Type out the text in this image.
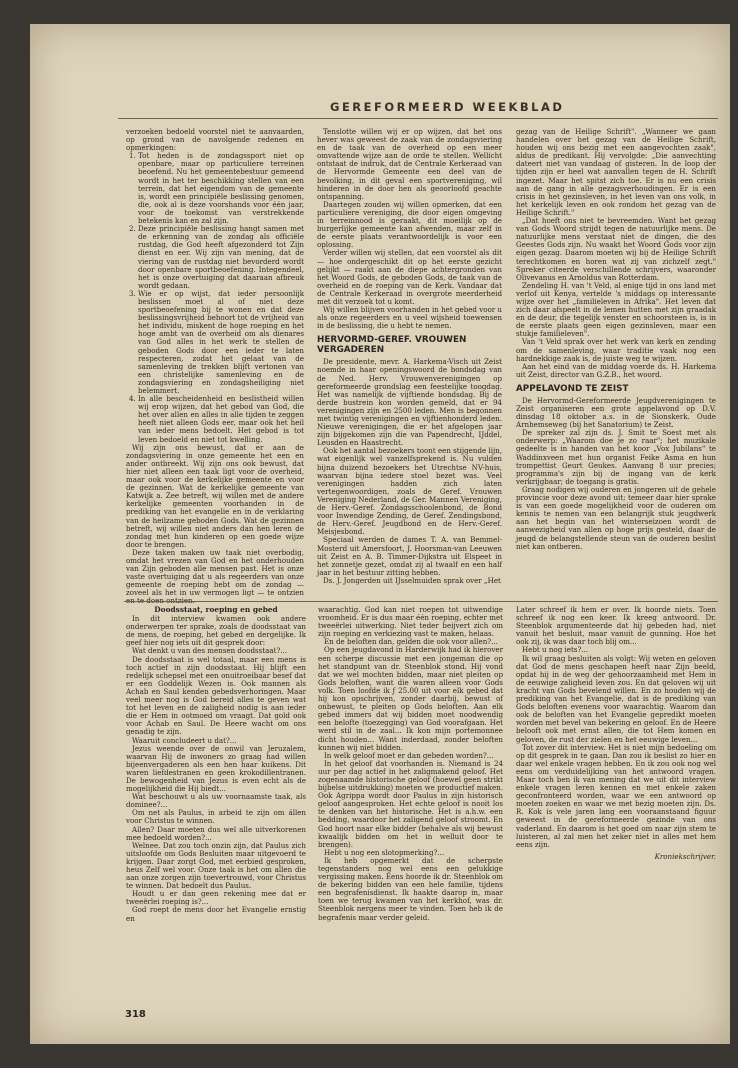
GEREFORMEERD WEEKBLAD

verzoeken bedoeld voorstel niet te aanvaarden, op grond van de navolgende redenen en opmerkingen:

1. Tot heden is de zondagssport niet op openbare, maar op particuliere terreinen beoefend. Nu het gemeentebestuur gemeend wordt in het ter beschikking stellen van een terrein, dat het eigendom van de gemeente is, wordt een principiële beslissing genomen, die, ook al is deze voorshands voor één jaar, voor de toekomst van verstrekkende betekenis kan en zal zijn.
2. Deze principiële beslissing hangt samen met de erkenning van de zondag als officiële rustdag, die God heeft afgezonderd tot Zijn dienst en eer. Wij zijn van mening, dat de viering van de rustdag niet bevorderd wordt door openbare sportbeoefening. Integendeel, het is onze overtuiging dat daaraan afbreuk wordt gedaan.
3. Wie er op wijst, dat ieder persoonlijk beslissen moet al of niet deze sportbeoefening bij te wonen en dat deze beslissingsvrijheid behoort tot de vrijheid van het individu, miskent de hoge roeping en het hoge ambt van de overheid om als dienares van God alles in het werk te stellen de geboden Gods door een ieder te laten respecteren, zodat het gelaat van de samenleving de trekken blijft vertonen van een christelijke samenleving en de zondagsviering en zondagsheiliging niet belemmert.
4. In alle bescheidenheid en beslistheid willen wij erop wijzen, dat het gebod van God, die het over allen en alles in alle tijden te zeggen heeft niet alleen Gods eer, maar ook het heil van ieder mens bedoelt. Het gebod is tot leven bedoeld en niet tot kwelling.

Wij zijn ons bewust, dat er aan de zondagsviering in onze gemeente het een en ander ontbreekt. Wij zijn ons ook bewust, dat hier niet alleen een taak ligt voor de overheid, maar ook voor de kerkelijke gemeente en voor de gezinnen. Wat de kerkelijke gemeente van Katwijk a. Zee betreft, wij willen met de andere kerkelijke gemeenten voorhanden in de prediking van het evangelie en in de verklaring van de heilzame geboden Gods. Wat de gezinnen betreft, wij willen niet anders dan hen leren de zondag met hun kinderen op een goede wijze door te brengen.

Deze taken maken uw taak niet overbodig, omdat het vrezen van God en het onderhouden van Zijn geboden alle mensen past. Het is onze vaste overtuiging dat u als regeerders van onze gemeente de roeping hebt om de zondag — zoveel als het in uw vermogen ligt — te ontzien en te doen ontzien.

Tenslotte willen wij er op wijzen, dat het ons hever was geweest de zaak van de zondagsviering en de taak van de overheid op een meer omvattende wijze aan de orde te stellen. Wellicht ontstaat de indruk, dat de Centrale Kerkeraad van de Hervormde Gemeente een deel van de bevolking, in dit geval een sportvereniging, wil hinderen in de door hen als geoorloofd geachte ontspanning.

Daartegen zouden wij willen opmerken, dat een particuliere vereniging, die door eigen omgeving in terreinnood is geraakt, dit moeilijk op de burgerlijke gemeente kan afwenden, maar zelf in de eerste plaats verantwoordelijk is voor een oplossing.

Verder willen wij stellen, dat een voorstel als dit — hoe ondergeschikt dit op het eerste gezicht gelijkt — raakt aan de diepe achtergronden van het Woord Gods, de geboden Gods, de taak van de overheid en de roeping van de Kerk. Vandaar dat de Centrale Kerkeraad in overgrote meerderheid met dit verzoek tot u komt.

Wij willen blijven voorhanden in het gebed voor u als onze regeerders en u veel wijsheid toewensen in de beslissing, die u hebt te nemen.

HERVORMD-GEREF. VROUWEN VERGADEREN

De presidente, mevr. A. Harkema-Visch uit Zeist noemde in haar openingswoord de bondsdag van de Ned. Herv. Vrouwenverenigingen op gereformeerde grondslag een feestelijke toogdag. Het was namelijk de vijftiende bondsdag. Bij de derde bustrein kon worden gemeld, dat er 94 verenigingen zijn en 2500 leden. Men is begonnen met twintig verenigingen en vijftienhonderd leden. Nieuwe verenigingen, die er het afgelopen jaar zijn bijgekomen zijn die van Papendrecht, IJddel, Leusden en Haastrecht.

Ook het aantal bezoekers toont een stijgende lijn, wat eigenlijk wel vanzelfsprekend is. Nu vulden bijna duizend bezoekers het Utrechtse NV-huis, waarvan bijna iedere stoel bezet was. Veel verenigingen hadden zich laten vertegenwoordigen, zoals de Geref. Vrouwen Vereniging Nederland, de Ger. Mannen Vereniging, de Herv.-Geref. Zondagsschoolenbond, de Bond voor Inwendige Zending, de Geref. Zendingsbond, de Herv.-Geref. Jeugdbond en de Herv.-Geref. Meisjesbond.

Speciaal werden de dames T. A. van Bemmel-Mosterd uit Amersfoort, J. Hoorsman-van Leeuwen uit Zeist en A. B. Timmer-Dijkstra uit Elspeet in het zonnetje gezet, omdat zij al twaalf en een half jaar in het bestuur zitting hebben.

Ds. J. Jongerden uit IJsselmuiden sprak over „Het

gezag van de Heilige Schrift". „Wanneer we gaan handelen over het gezag van de Heilige Schrift, houden wij ons bezig met een aangevochten zaak", aldus de predikant. Hij vervolgde: „Die aanvechting dateert niet van vandaag of gisteren. In de loop der tijden zijn er heel wat aanvallen tegen de H. Schrift ingezet. Maar het spitst zich toe. Er is nu een crisis aan de gang in alle gezagsverhoudingen. Er is een crisis in het gezinsleven, in het leven van ons volk, in het kerkelijk leven en ook rondom het gezag van de Heilige Schrift."

„Dat hoeft ons niet te bevreemden. Want het gezag van Gods Woord strijdt tegen de natuurlijke mens. De natuurlijke mens verstaat niet de dingen, die des Geestes Gods zijn. Nu waakt het Woord Gods voor zijn eigen gezag. Daarom moeten wij bij de Heilige Schrift terechtkomen en horen wat zij van zichzelf zegt." Spreker citeerde verschillende schrijvers, waaronder Olivevanus en Arnoldus van Rotterdam.

Zendeling H. van 't Veld, al enige tijd in ons land met verlof uit Kenya, vertelde 's middags op interessante wijze over het „familieleven in Afrika". Het leven dat zich daar afspeelt in de lemen hutten met zijn graadak en de deur, die tegelijk venster en schoorsteen is, is in de eerste plaats geen eigen gezinsleven, maar een stukje familieleven".

Van 't Veld sprak over het werk van kerk en zending om de samenleving, waar traditie vaak nog een hardnekkige zaak is, de juiste weg te wijzen.

Aan het eind van de middag voerde ds. H. Harkema uit Zeist, director van G.Z.B., het woord.

APPELAVOND TE ZEIST

De Hervormd-Gereformeerde Jeugdverenigingen te Zeist organiseren een grote appelavond op D.V. dinsdag 18 oktober a.s. in de Sionskerk. Oude Arnhemseweg (bij het Sanatorium) te Zeist.

De spreker zal zijn ds. J. Smit te Soest met als onderwerp: „Waarom doe je zo raar"; het muzikale gedeelte is in handen van het koor „Vox Jubilans" te Waddinxveen met hun organist Feike Asma en hun trompettist Geurt Geukes. Aanvang 8 uur precies; programma's zijn bij de ingang van de kerk verkrijgbaar; de toegang is gratis.

Graag nodigen wij ouderen en jongeren uit de gehele provincie voor deze avond uit; temeer daar hier sprake is van een goede mogelijkheid voor de ouderen om kennis te nemen van een belangrijk stuk jeugdwerk aan het begin van het winterseizoen wordt de aanwezigheid van allen op hoge prijs gesteld, daar de jeugd de belangstellende steun van de ouderen beslist niet kan ontberen.

Doodsstaat, roeping en gebed

In dit interview kwamen ook andere onderwerpen ter sprake, zoals de doodsstaat van de mens, de roeping, het gebed en dergelijke. Ik geef hier nog iets uit dit gesprek door:

Wat denkt u van des mensen doodsstaat?...

De doodsstaat is wel totaal, maar een mens is toch actief in zijn doodsstaat. Hij blijft een redelijk schepsel met een onuitroeibaar besef dat er een Goddelijk Wezen is. Ook mannen als Achab en Saul kenden gebedsverhoringen. Maar veel meer nog is God bereid alles te geven wat tot het leven en de zaligheid nodig is aan ieder die er Hem in ootmoed om vraagt. Dat gold ook voor Achab en Saul. De Heere wacht om ons genadig te zijn.

Waaruit concludeert u dat?...

Jezus weende over de onwil van Jeruzalem, waarvan Hij de inwoners zo graag had willen bijeenvergaderen als een hen haar kuikens. Dit waren liefdestranen en geen krokodillentranen. De bewogenheid van Jezus is even echt als de mogelijkheid die Hij biedt...

Wat beschouwt u als uw voornaamste taak, als dominee?...

Om net als Paulus, in arbeid te zijn om állen voor Christus te winnen.

Allen? Daar moeten dus wel alle uitverkorenen mee bedoeld worden?...

Welnee. Dat zou toch onzin zijn, dat Paulus zich uitsloofde om Gods Besluiten maar uitgevoerd te krijgen. Daar zorgt God, met eerbied gesproken, heus Zelf wel voor. Onze taak is het om allen die aan onze zorgen zijn toevertrouwd, voor Christus te winnen. Dat bedoelt dus Paulus.

Houdt u er dan geen rekening mee dat er tweeërlei roeping is?...

God roept de mens door het Evangelie ernstig en

waarachtig. God kan niet roepen tot uitwendige vroomheid. Er is dus maar één roeping, echter met tweeërlei uitwerking. Niet teder beijvert zich om zijn roeping en verkiezing vast te maken, helaas.

En de beloften dan, gelden die ook voor allen?...

Op een jeugdavond in Harderwijk had ik hierover een scherpe discussie met een jongeman die op het standpunt van dr. Steenblok stond. Hij vond dat we wel mochten bidden, maar niet pleiten op Gods beloften, want die waren alleen voor Gods volk. Toen loofde ik ƒ 25.00 uit voor elk gebed dat hij kon opschrijven, zonder daarbij, bewust of onbewust, te pleiten op Gods beloften. Aan elk gebed immers dat wij bidden moet noodwendig een belofte (toezegging) van God voorafgaan. Het werd stil in de zaal... Ik kon mijn portemonnee dicht houden... Want inderdaad, zonder beloften kunnen wij niet bidden.

In welk geloof moet er dan gebeden worden?...

In het geloof dat voorhanden is. Niemand is 24 uur per dag actief in het zaligmakend geloof. Het zogenaamde historische geloof (hoewel geen strikt bijbelse uitdrukking) moeten we productief maken. Ook Agrippa wordt door Paulus in zijn historisch geloof aangesproken. Het echte geloof is nooit los te denken van het historische. Het is a.h.w. een bedding, waardoor het zaligend geloof stroomt. En God hoort naar elke bidder (behalve als wij bewust kwaalijk bidden om het in welluit door te brengen).

Hebt u nog een slotopmerking?...

Ik heb opgemerkt dat de scherpste tegenstanders nog wel eens een gelukkige vergissing maken. Eens hoorde ik dr. Steenblok om de bekering bidden van een hele familie, tijdens een begrafenisdienst. Ik haakte daarop in, maar toen we terug kwamen van het kerkhof, was dr. Steenblok nergens meer te vinden. Toen heb ik de begrafenis maar verder geleid.

Later schreef ik hem er over. Ik hoorde niets. Toen schreef ik nog een keer. Ik kreeg antwoord. Dr. Steenblok argumenteerde dat hij gebeden had, niet vanuit het besluit, maar vanuit de gunning. Hoe het ook zij, ik was daar toch blij om...

Hebt u nog iets?...

Ik wil graag besluiten als volgt: Wij weten en geloven dat God de mens geschapen heeft naar Zijn beeld, opdat hij in de weg der gehoorzaamheid met Hem in de eeuwige zaligheid leven zou. En dat geloven wij uit kracht van Gods bevelend willen. En zo houden wij de prediking van het Evangelie, dat is de prediking van Gods beloften evenens voor waarachtig. Waarom dan ook de beloften van het Evangelie gepredikt moeten worden met bevel van bekering en geloof. En de Heere belooft ook met ernst allen, die tot Hem komen en geloven, de rust der zielen en het eeuwige leven...

Tot zover dit interview. Het is niet mijn bedoeling om op dit gesprek in te gaan. Dan zou ik beslist zo hier en daar wel enkele vragen hebben. En ik zou ook nog wel eens om verduidelijking van het antwoord vragen. Maar toch ben ik van mening dat we uit dit interview enkele vragen leren kennen en met enkele zaken geconfronteerd worden, waar we een antwoord op moeten zoeken en waar we met bezig moeten zijn. Ds. R. Kok is vele jaren lang een vooraanstaand figuur geweest in de gereformeerde gezinde van ons vaderland. En daarom is het goed om naar zijn stem te luisteren, al zal men het zeker niet in alles met hem eens zijn.

Kroniekschrijver.

318
